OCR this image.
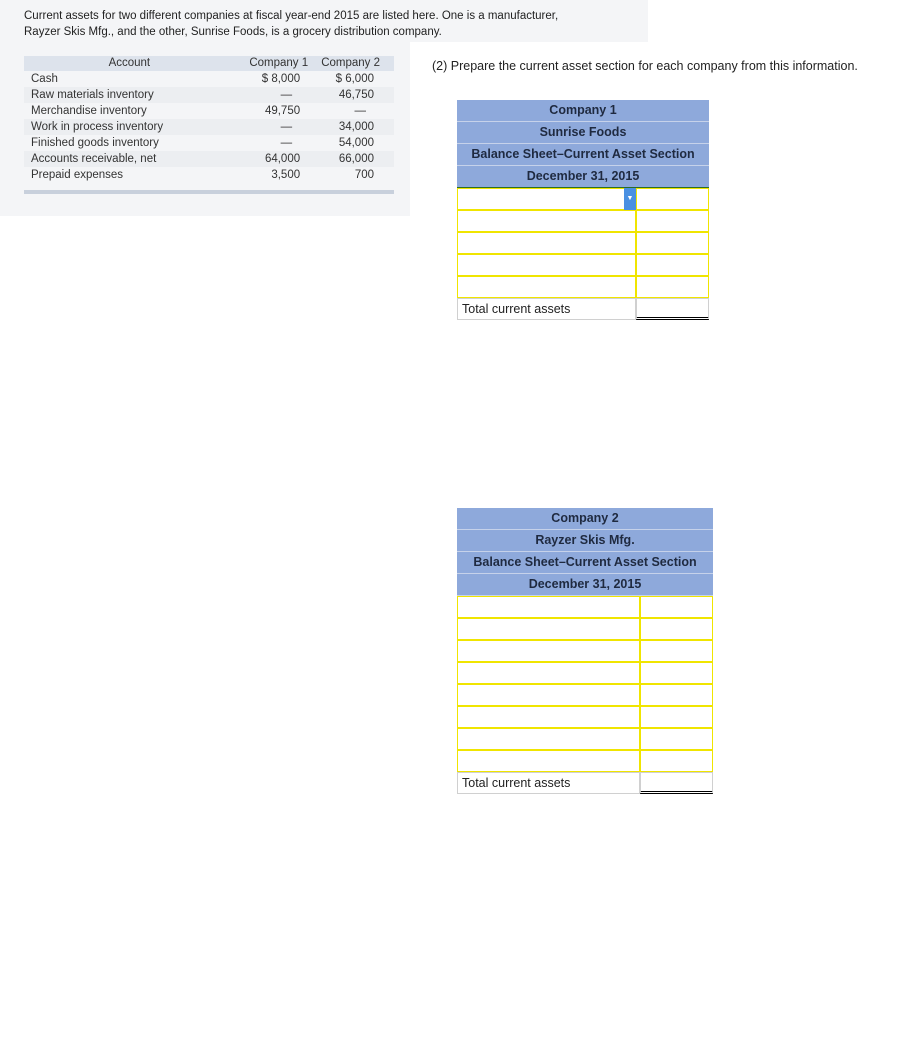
Current assets for two different companies at fiscal year-end 2015 are listed here. One is a manufacturer,
Rayzer Skis Mfg., and the other, Sunrise Foods, is a grocery distribution company.
Account	Company 1	Company 2
Cash	$ 8,000	$ 6,000
Raw materials inventory	—	46,750
Merchandise inventory	49,750	—
Work in process inventory	—	34,000
Finished goods inventory	—	54,000
Accounts receivable, net	64,000	66,000
Prepaid expenses	3,500	700
(2) Prepare the current asset section for each company from this information.
Company 1
Sunrise Foods
Balance Sheet–Current Asset Section
December 31, 2015
▼
Total current assets
Company 2
Rayzer Skis Mfg.
Balance Sheet–Current Asset Section
December 31, 2015
Total current assets
